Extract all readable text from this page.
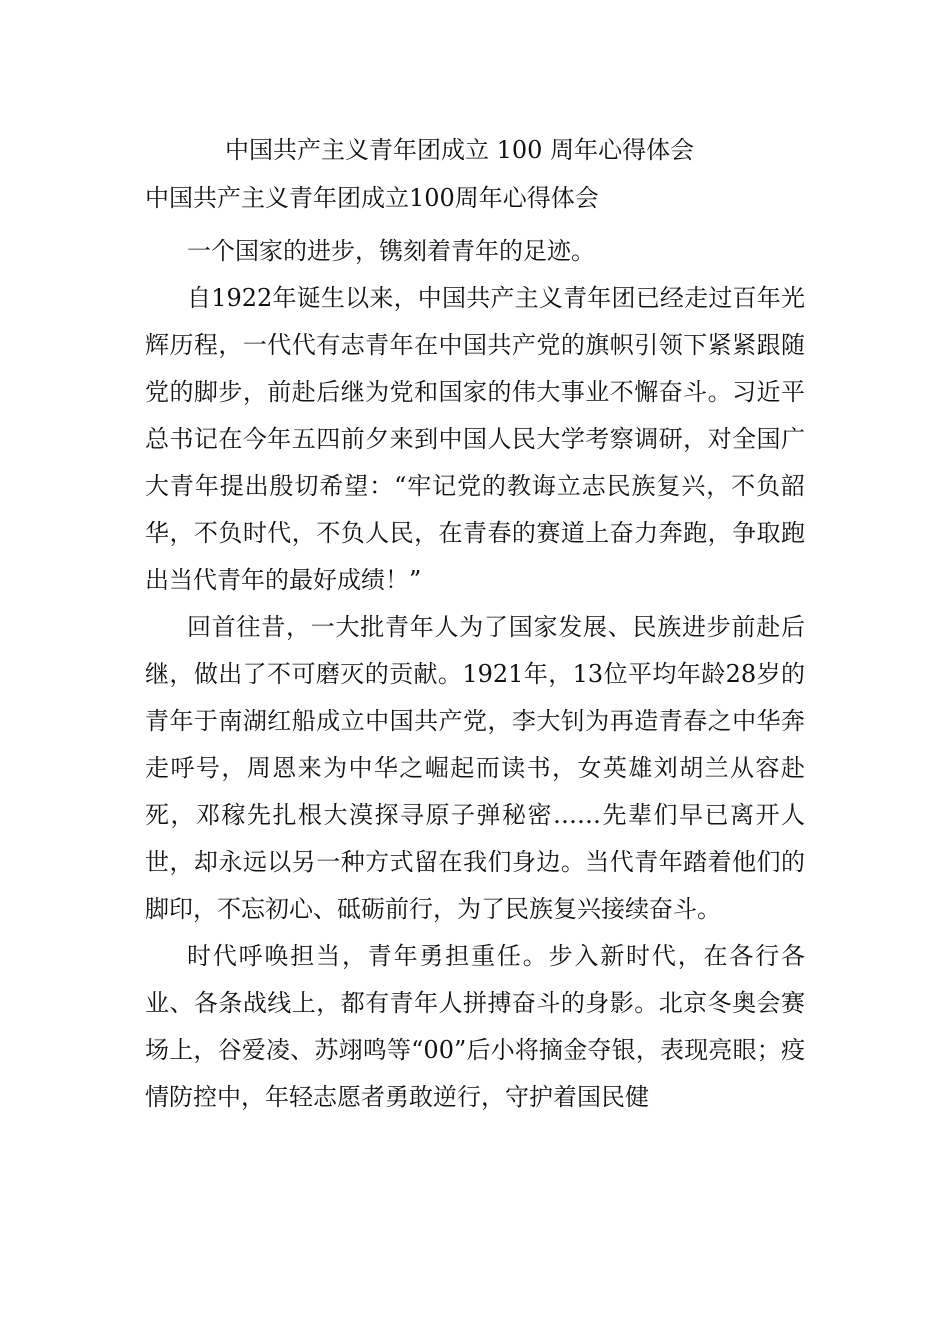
中国共产主义青年团成立 100 周年心得体会
中国共产主义青年团成立100周年心得体会

一个国家的进步，镌刻着青年的足迹。

自1922年诞生以来，中国共产主义青年团已经走过百年光辉历程，一代代有志青年在中国共产党的旗帜引领下紧紧跟随党的脚步，前赴后继为党和国家的伟大事业不懈奋斗。习近平总书记在今年五四前夕来到中国人民大学考察调研，对全国广大青年提出殷切希望：“牢记党的教诲立志民族复兴，不负韶华，不负时代，不负人民，在青春的赛道上奋力奔跑，争取跑出当代青年的最好成绩！”

回首往昔，一大批青年人为了国家发展、民族进步前赴后继，做出了不可磨灭的贡献。1921年，13位平均年龄28岁的青年于南湖红船成立中国共产党，李大钊为再造青春之中华奔走呼号，周恩来为中华之崛起而读书，女英雄刘胡兰从容赴死，邓稼先扎根大漠探寻原子弹秘密……先辈们早已离开人世，却永远以另一种方式留在我们身边。当代青年踏着他们的脚印，不忘初心、砥砺前行，为了民族复兴接续奋斗。

时代呼唤担当，青年勇担重任。步入新时代，在各行各业、各条战线上，都有青年人拼搏奋斗的身影。北京冬奥会赛场上，谷爱凌、苏翊鸣等“00”后小将摘金夺银，表现亮眼；疫情防控中，年轻志愿者勇敢逆行，守护着国民健
